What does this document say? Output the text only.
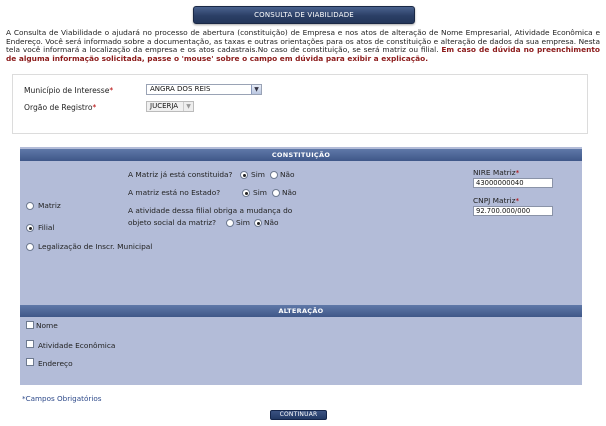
CONSULTA DE VIABILIDADE
A Consulta de Viabilidade o ajudará no processo de abertura (constituição) de Empresa e nos atos de alteração de Nome Empresarial, Atividade Econômica e Endereço. Você será informado sobre a documentação, as taxas e outras orientações para os atos de constituição e alteração de dados da sua empresa. Nesta tela você informará a localização da empresa e os atos cadastrais.No caso de constituição, se será matriz ou filial. Em caso de dúvida no preenchimento de alguma informação solicitada, passe o 'mouse' sobre o campo em dúvida para exibir a explicação.
Município de Interesse*	ANGRA DOS REIS	▼
Orgão de Registro*	JUCERJA	▼
CONSTITUIÇÃO
Matriz
Filial
Legalização de Inscr. Municipal
A Matriz já está constituida?	Sim Não
A matriz está no Estado?	Sim Não
A atividade dessa filial obriga a mudança do
objeto social da matriz?	Sim Não
NIRE Matriz*
43000000040
CNPJ Matriz*
92.700.000/000
ALTERAÇÃO
Nome
Atividade Econômica
Endereço
*Campos Obrigatórios
CONTINUAR
